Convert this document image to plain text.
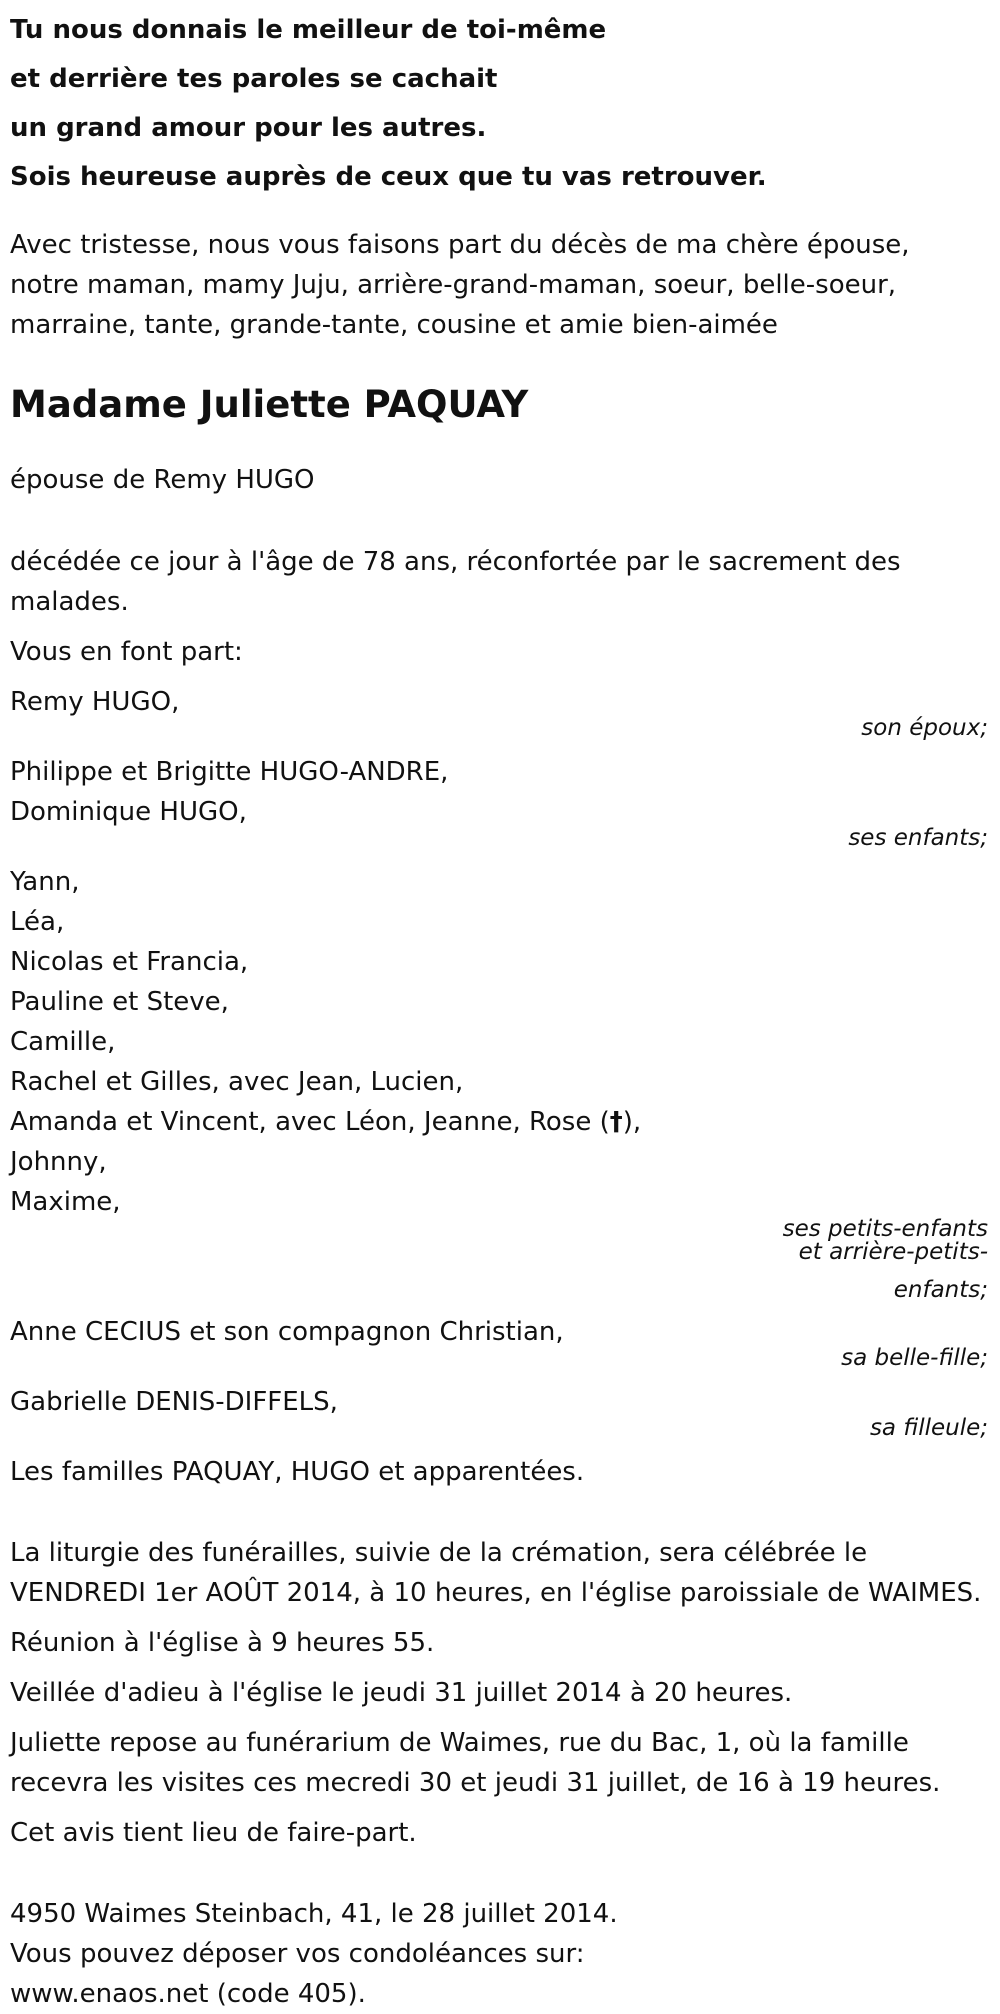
Tu nous donnais le meilleur de toi-même
et derrière tes paroles se cachait
un grand amour pour les autres.
Sois heureuse auprès de ceux que tu vas retrouver.

Avec tristesse, nous vous faisons part du décès de ma chère épouse,

notre maman, mamy Juju, arrière-grand-maman, soeur, belle-soeur,

marraine, tante, grande-tante, cousine et amie bien-aimée

Madame Juliette PAQUAY

épouse de Remy HUGO

décédée ce jour à l'âge de 78 ans, réconfortée par le sacrement des

malades.

Vous en font part:

Remy HUGO,

son époux;

Philippe et Brigitte HUGO-ANDRE,

Dominique HUGO,

ses enfants;

Yann,

Léa,

Nicolas et Francia,

Pauline et Steve,

Camille,

Rachel et Gilles, avec Jean, Lucien,

Amanda et Vincent, avec Léon, Jeanne, Rose (†),

Johnny,

Maxime,

ses petits-enfants
et arrière-petits-
enfants;

Anne CECIUS et son compagnon Christian,

sa belle-fille;

Gabrielle DENIS-DIFFELS,

sa filleule;

Les familles PAQUAY, HUGO et apparentées.

La liturgie des funérailles, suivie de la crémation, sera célébrée le

VENDREDI 1er AOÛT 2014, à 10 heures, en l'église paroissiale de WAIMES.

Réunion à l'église à 9 heures 55.

Veillée d'adieu à l'église le jeudi 31 juillet 2014 à 20 heures.

Juliette repose au funérarium de Waimes, rue du Bac, 1, où la famille

recevra les visites ces mecredi 30 et jeudi 31 juillet, de 16 à 19 heures.

Cet avis tient lieu de faire-part.

4950 Waimes Steinbach, 41, le 28 juillet 2014.

Vous pouvez déposer vos condoléances sur:

www.enaos.net (code 405).
